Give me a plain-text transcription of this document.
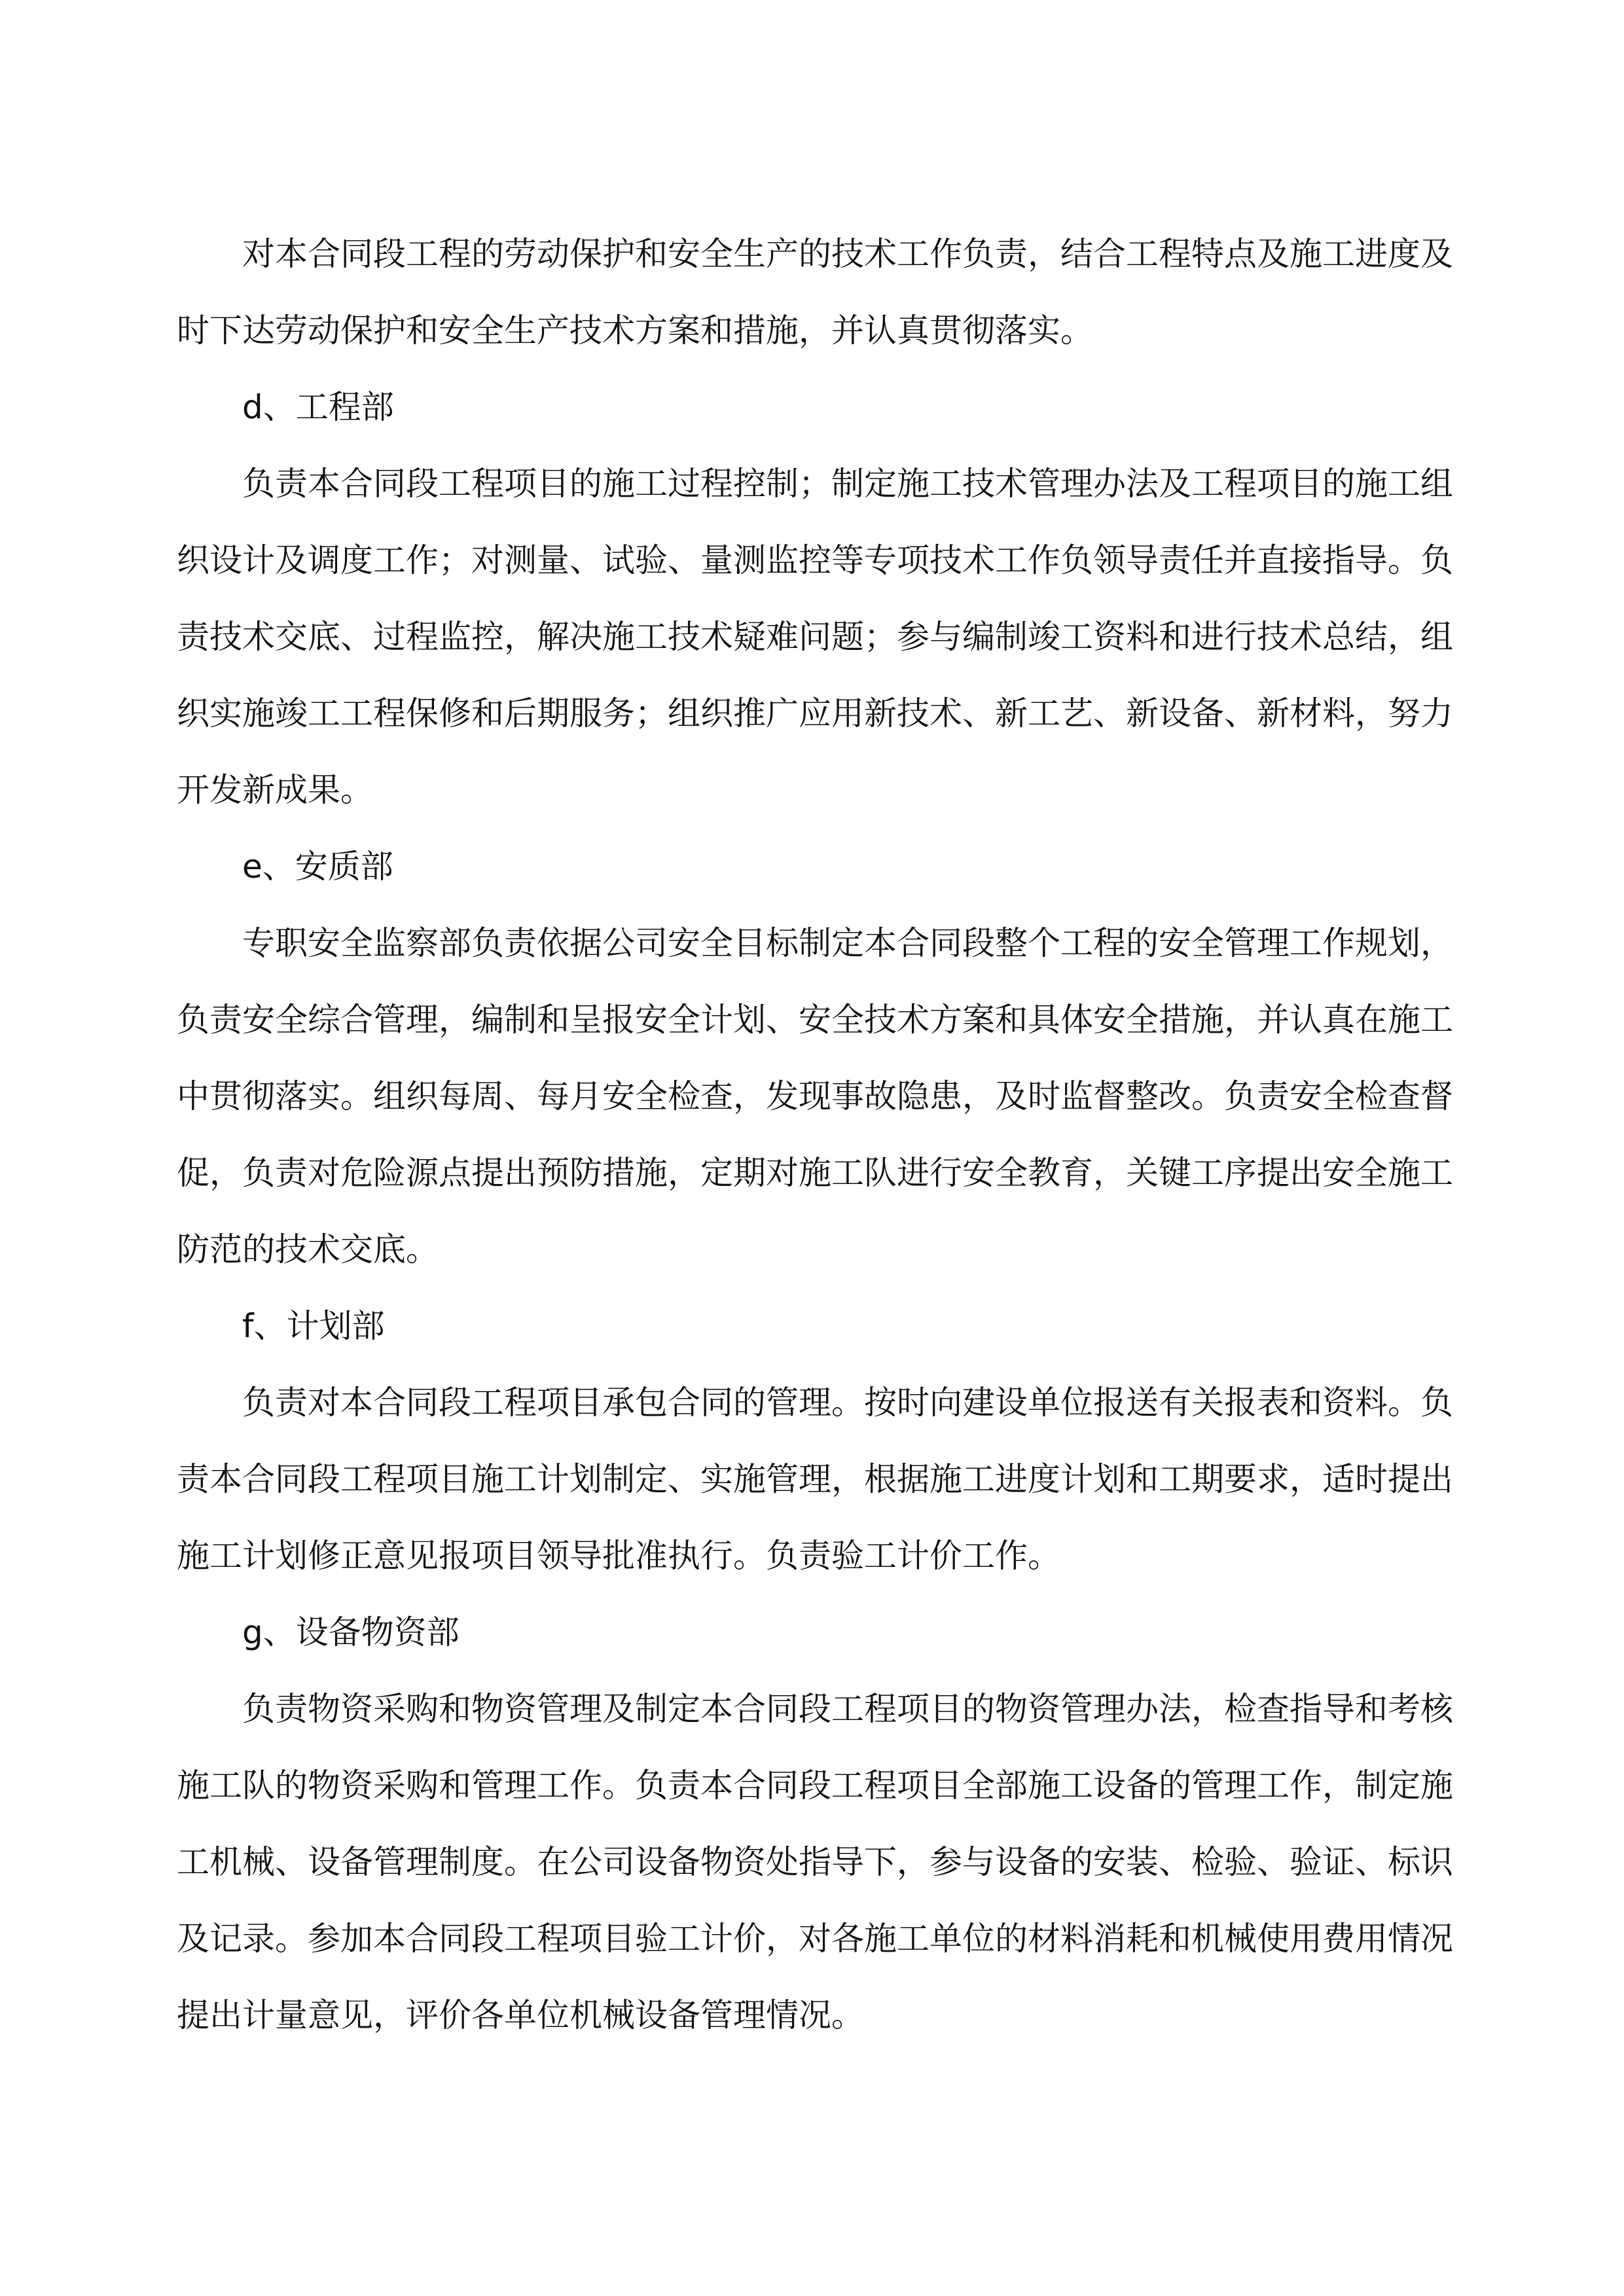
对本合同段工程的劳动保护和安全生产的技术工作负责，结合工程特点及施工进度及时下达劳动保护和安全生产技术方案和措施，并认真贯彻落实。

d、工程部

负责本合同段工程项目的施工过程控制；制定施工技术管理办法及工程项目的施工组织设计及调度工作；对测量、试验、量测监控等专项技术工作负领导责任并直接指导。负责技术交底、过程监控，解决施工技术疑难问题；参与编制竣工资料和进行技术总结，组织实施竣工工程保修和后期服务；组织推广应用新技术、新工艺、新设备、新材料，努力开发新成果。

e、安质部

专职安全监察部负责依据公司安全目标制定本合同段整个工程的安全管理工作规划，负责安全综合管理，编制和呈报安全计划、安全技术方案和具体安全措施，并认真在施工中贯彻落实。组织每周、每月安全检查，发现事故隐患，及时监督整改。负责安全检查督促，负责对危险源点提出预防措施，定期对施工队进行安全教育，关键工序提出安全施工防范的技术交底。

f、计划部

负责对本合同段工程项目承包合同的管理。按时向建设单位报送有关报表和资料。负责本合同段工程项目施工计划制定、实施管理，根据施工进度计划和工期要求，适时提出施工计划修正意见报项目领导批准执行。负责验工计价工作。

g、设备物资部

负责物资采购和物资管理及制定本合同段工程项目的物资管理办法，检查指导和考核施工队的物资采购和管理工作。负责本合同段工程项目全部施工设备的管理工作，制定施工机械、设备管理制度。在公司设备物资处指导下，参与设备的安装、检验、验证、标识及记录。参加本合同段工程项目验工计价，对各施工单位的材料消耗和机械使用费用情况提出计量意见，评价各单位机械设备管理情况。
